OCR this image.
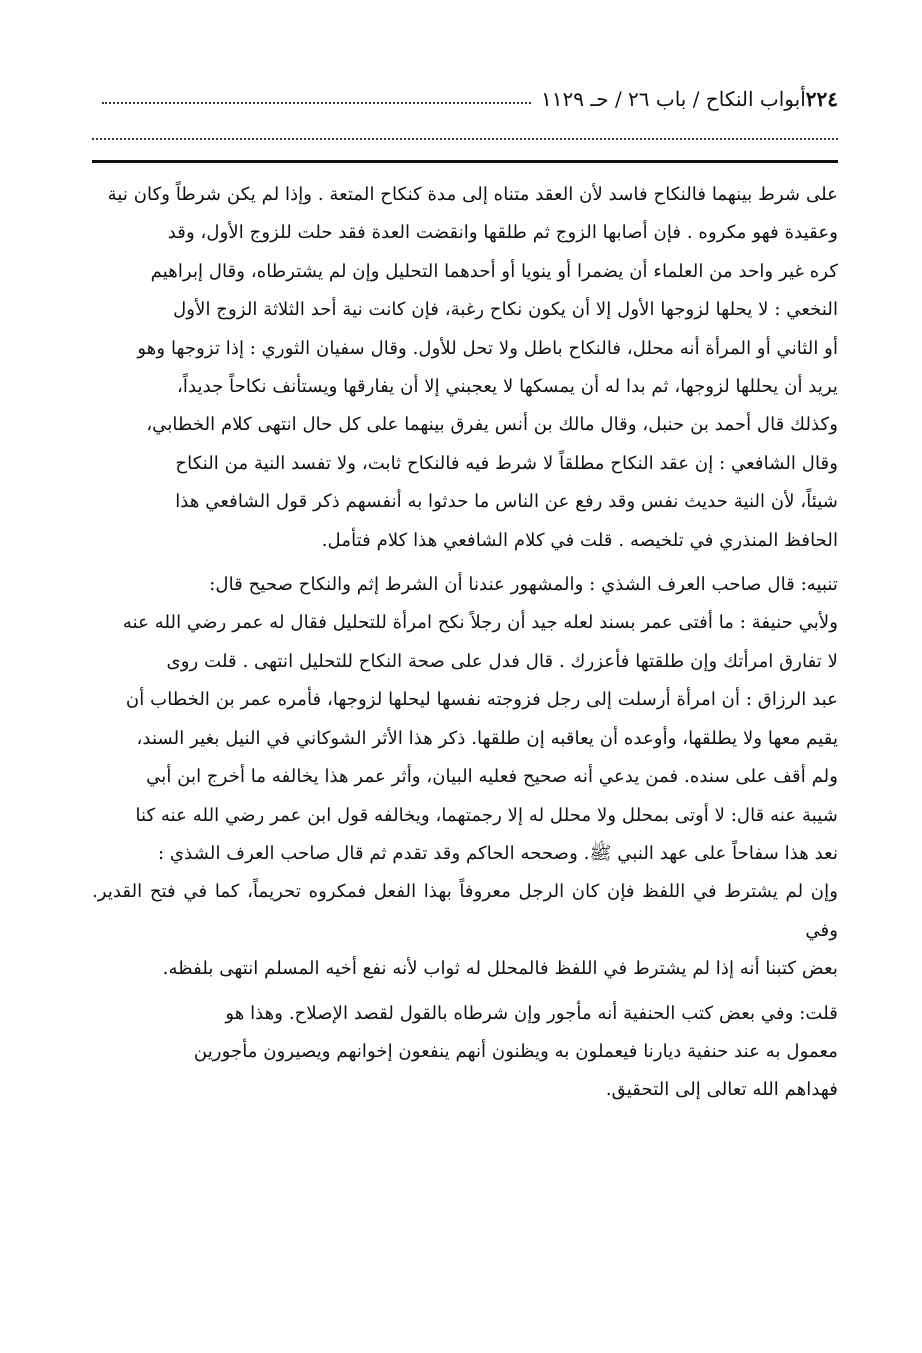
٢٢٤
أبواب النكاح / باب ٢٦ / حـ ١١٢٩
على شرط بينهما فالنكاح فاسد لأن العقد متناه إلى مدة كنكاح المتعة . وإذا لم يكن شرطاً وكان نية
وعقيدة فهو مكروه . فإن أصابها الزوج ثم طلقها وانقضت العدة فقد حلت للزوج الأول، وقد
كره غير واحد من العلماء أن يضمرا أو ينويا أو أحدهما التحليل وإن لم يشترطاه، وقال إبراهيم
النخعي : لا يحلها لزوجها الأول إلا أن يكون نكاح رغبة، فإن كانت نية أحد الثلاثة الزوج الأول
أو الثاني أو المرأة أنه محلل، فالنكاح باطل ولا تحل للأول. وقال سفيان الثوري : إذا تزوجها وهو
يريد أن يحللها لزوجها، ثم بدا له أن يمسكها لا يعجبني إلا أن يفارقها ويستأنف نكاحاً جديداً،
وكذلك قال أحمد بن حنبل، وقال مالك بن أنس يفرق بينهما على كل حال انتهى كلام الخطابي،
وقال الشافعي : إن عقد النكاح مطلقاً لا شرط فيه فالنكاح ثابت، ولا تفسد النية من النكاح
شيئاً، لأن النية حديث نفس وقد رفع عن الناس ما حدثوا به أنفسهم ذكر قول الشافعي هذا
الحافظ المنذري في تلخيصه . قلت في كلام الشافعي هذا كلام فتأمل.
تنبيه: قال صاحب العرف الشذي : والمشهور عندنا أن الشرط إثم والنكاح صحيح قال:
ولأبي حنيفة : ما أفتى عمر بسند لعله جيد أن رجلاً نكح امرأة للتحليل فقال له عمر رضي الله عنه
لا تفارق امرأتك وإن طلقتها فأعزرك . قال فدل على صحة النكاح للتحليل انتهى . قلت روى
عبد الرزاق : أن امرأة أرسلت إلى رجل فزوجته نفسها ليحلها لزوجها، فأمره عمر بن الخطاب أن
يقيم معها ولا يطلقها، وأوعده أن يعاقبه إن طلقها. ذكر هذا الأثر الشوكاني في النيل بغير السند،
ولم أقف على سنده. فمن يدعي أنه صحيح فعليه البيان، وأثر عمر هذا يخالفه ما أخرج ابن أبي
شيبة عنه قال: لا أوتى بمحلل ولا محلل له إلا رجمتهما، ويخالفه قول ابن عمر رضي الله عنه كنا
نعد هذا سفاحاً على عهد النبي ﷺ. وصححه الحاكم وقد تقدم ثم قال صاحب العرف الشذي :
وإن لم يشترط في اللفظ فإن كان الرجل معروفاً بهذا الفعل فمكروه تحريماً، كما في فتح القدير. وفي
بعض كتبنا أنه إذا لم يشترط في اللفظ فالمحلل له ثواب لأنه نفع أخيه المسلم انتهى بلفظه.
قلت: وفي بعض كتب الحنفية أنه مأجور وإن شرطاه بالقول لقصد الإصلاح. وهذا هو
معمول به عند حنفية ديارنا فيعملون به ويظنون أنهم ينفعون إخوانهم ويصيرون مأجورين
فهداهم الله تعالى إلى التحقيق.
